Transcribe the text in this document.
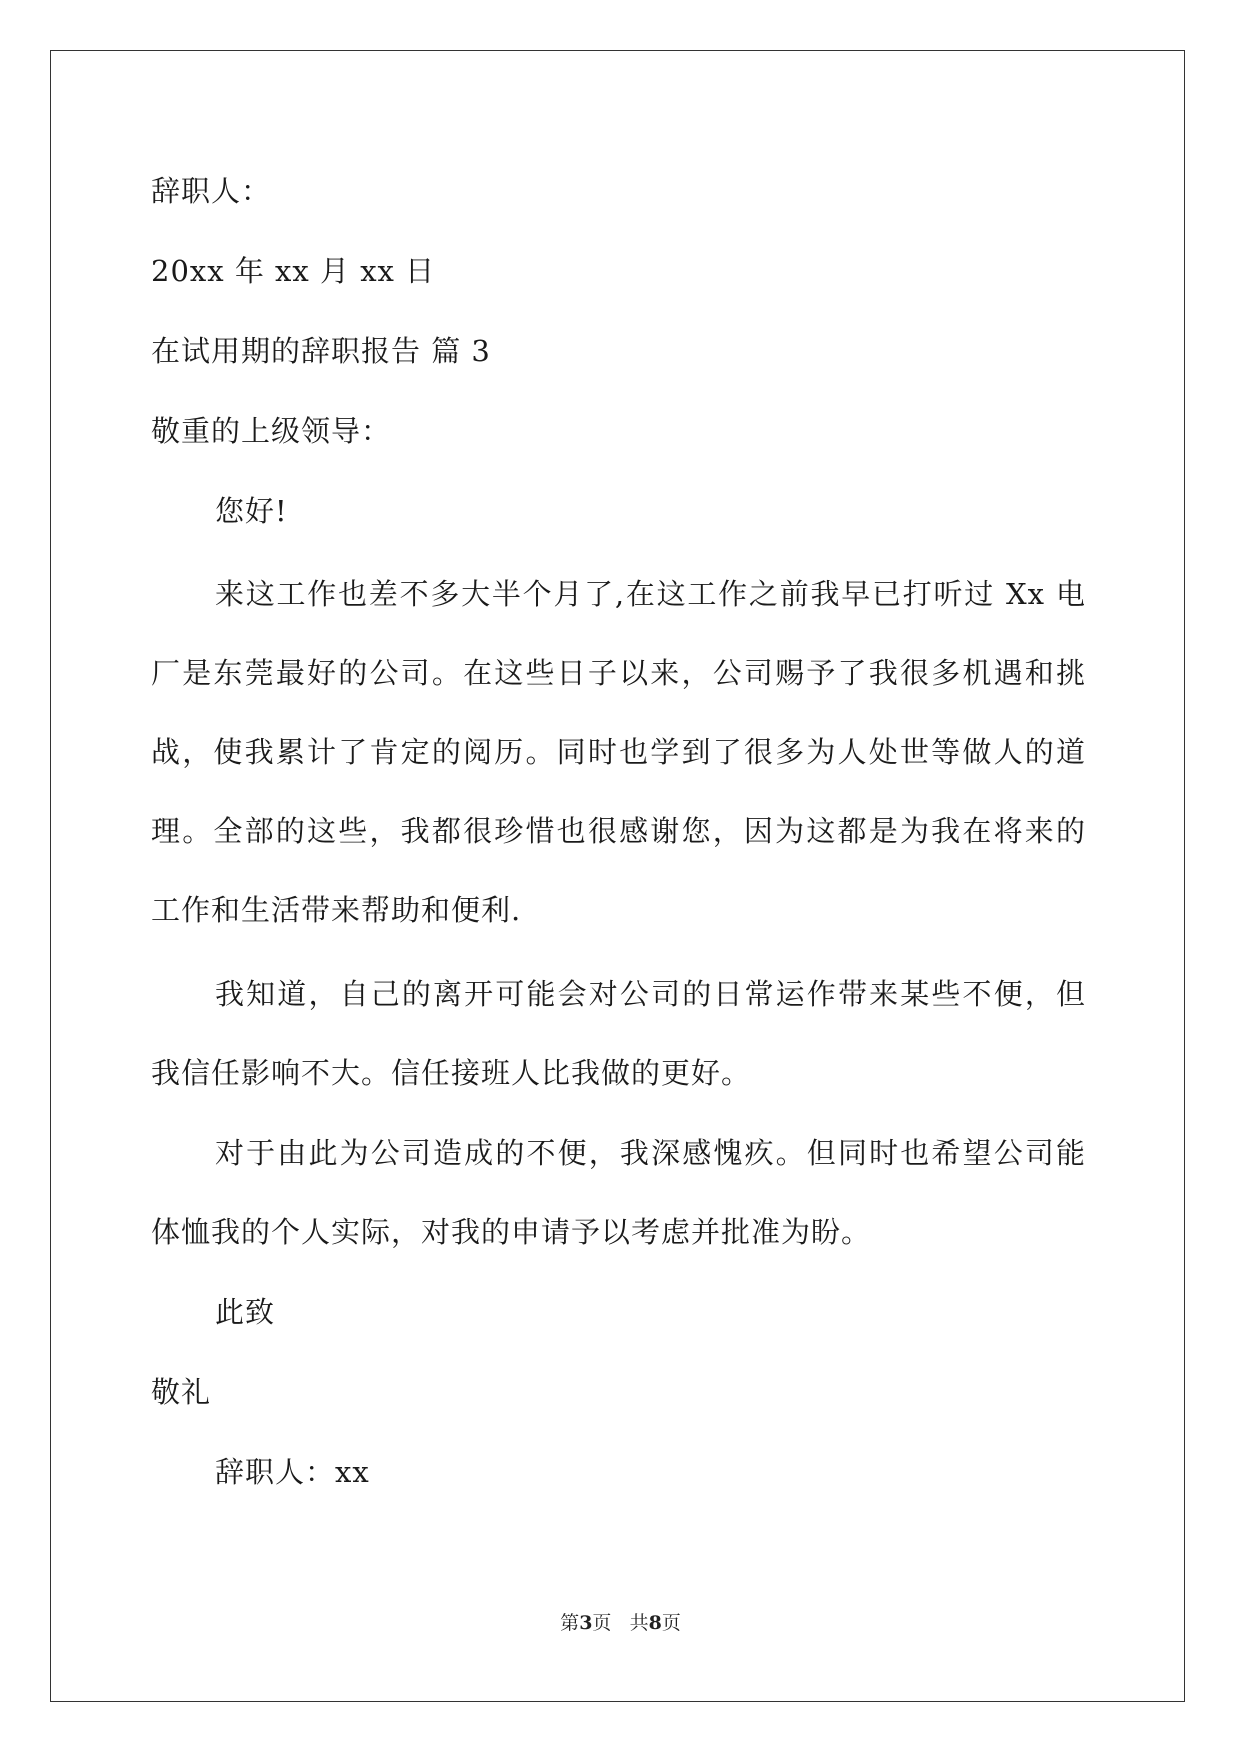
辞职人：
20xx 年 xx 月 xx 日
在试用期的辞职报告 篇 3
敬重的上级领导：
您好!
来这工作也差不多大半个月了,在这工作之前我早已打听过 Xx 电
厂是东莞最好的公司。在这些日子以来，公司赐予了我很多机遇和挑
战，使我累计了肯定的阅历。同时也学到了很多为人处世等做人的道
理。全部的这些，我都很珍惜也很感谢您，因为这都是为我在将来的
工作和生活带来帮助和便利.
我知道，自己的离开可能会对公司的日常运作带来某些不便，但
我信任影响不大。信任接班人比我做的更好。
对于由此为公司造成的不便，我深感愧疚。但同时也希望公司能
体恤我的个人实际，对我的申请予以考虑并批准为盼。
此致
敬礼
辞职人：xx
第3页 共8页
